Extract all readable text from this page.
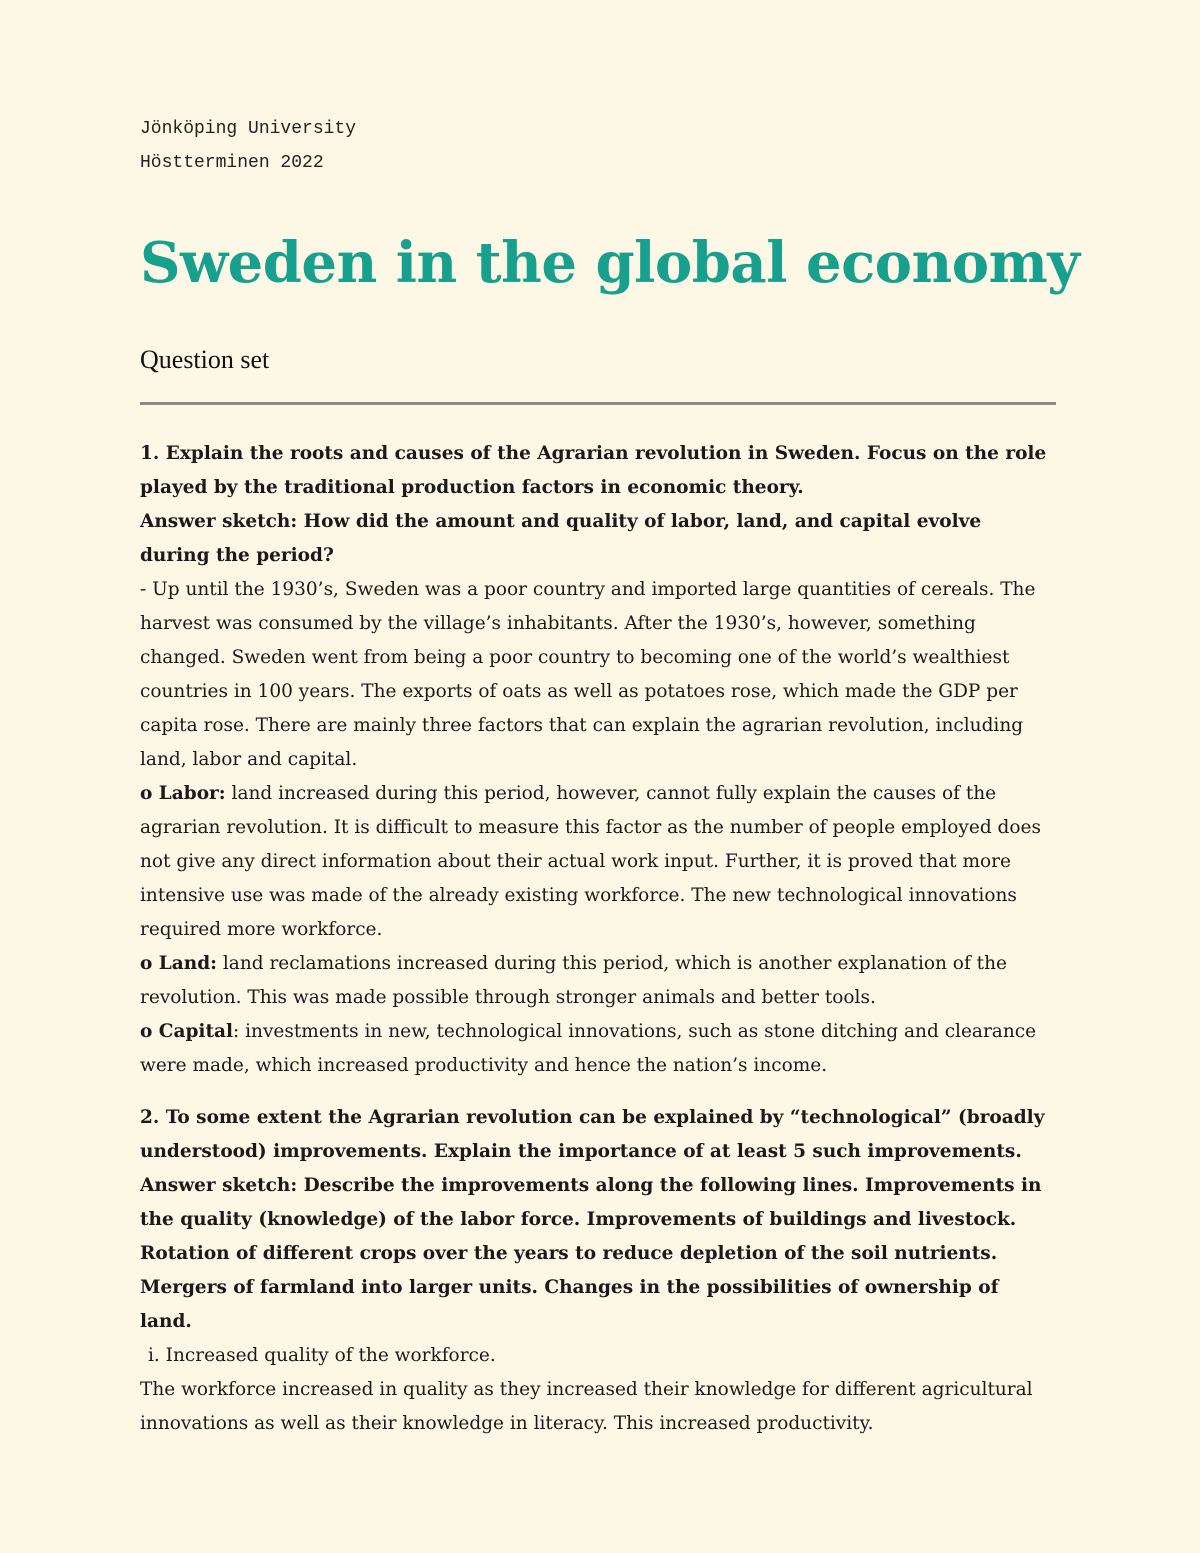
Jönköping University
Höstterminen 2022
Sweden in the global economy
Question set

1. Explain the roots and causes of the Agrarian revolution in Sweden. Focus on the role played by the traditional production factors in economic theory.

Answer sketch: How did the amount and quality of labor, land, and capital evolve during the period?

- Up until the 1930’s, Sweden was a poor country and imported large quantities of cereals. The harvest was consumed by the village’s inhabitants. After the 1930’s, however, something changed. Sweden went from being a poor country to becoming one of the world’s wealthiest countries in 100 years. The exports of oats as well as potatoes rose, which made the GDP per capita rose. There are mainly three factors that can explain the agrarian revolution, including land, labor and capital.

o Labor: land increased during this period, however, cannot fully explain the causes of the agrarian revolution. It is difficult to measure this factor as the number of people employed does not give any direct information about their actual work input. Further, it is proved that more intensive use was made of the already existing workforce. The new technological innovations required more workforce.

o Land: land reclamations increased during this period, which is another explanation of the revolution. This was made possible through stronger animals and better tools.

o Capital: investments in new, technological innovations, such as stone ditching and clearance were made, which increased productivity and hence the nation’s income.

2. To some extent the Agrarian revolution can be explained by “technological” (broadly understood) improvements. Explain the importance of at least 5 such improvements.

Answer sketch: Describe the improvements along the following lines. Improvements in the quality (knowledge) of the labor force. Improvements of buildings and livestock. Rotation of different crops over the years to reduce depletion of the soil nutrients. Mergers of farmland into larger units. Changes in the possibilities of ownership of land.

i. Increased quality of the workforce.

The workforce increased in quality as they increased their knowledge for different agricultural innovations as well as their knowledge in literacy. This increased productivity.
